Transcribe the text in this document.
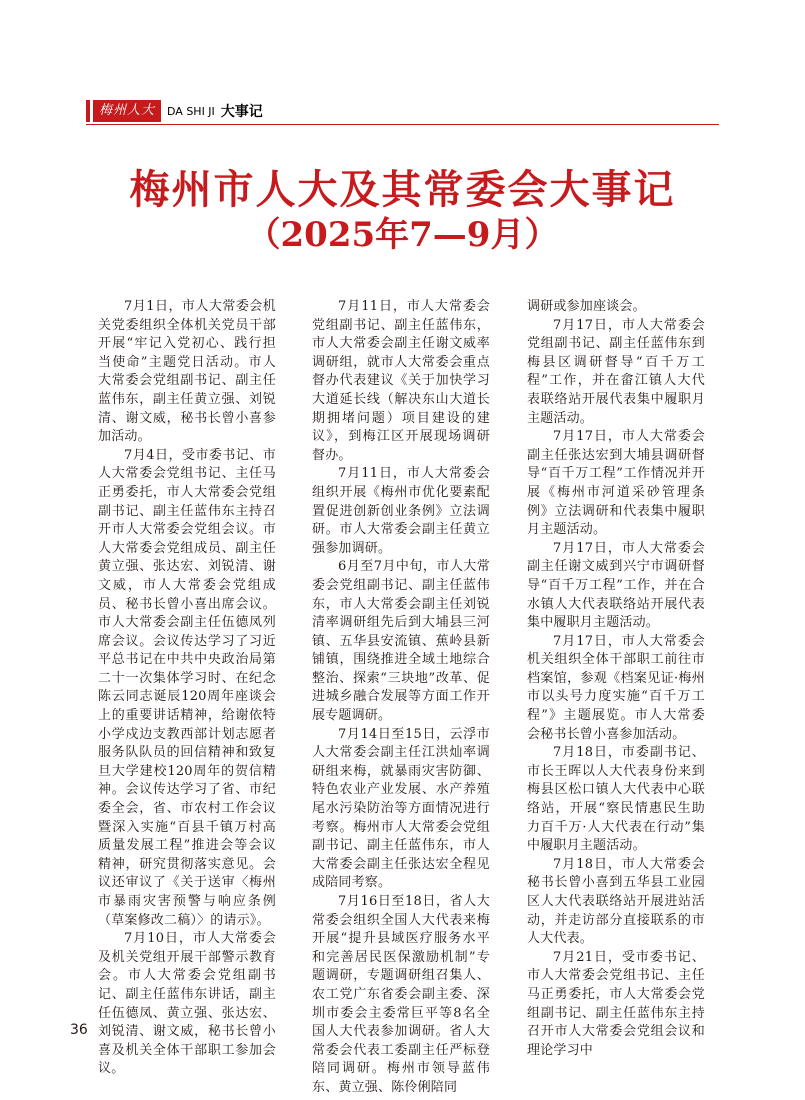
梅州人大	DA SHI JI 大事记
梅州市人大及其常委会大事记
（2025年7—9月）

7月1日，市人大常委会机关党委组织全体机关党员干部开展“牢记入党初心、践行担当使命”主题党日活动。市人大常委会党组副书记、副主任蓝伟东，副主任黄立强、刘锐清、谢文威，秘书长曾小喜参加活动。

7月4日，受市委书记、市人大常委会党组书记、主任马正勇委托，市人大常委会党组副书记、副主任蓝伟东主持召开市人大常委会党组会议。市人大常委会党组成员、副主任黄立强、张达宏、刘锐清、谢文威，市人大常委会党组成员、秘书长曾小喜出席会议。市人大常委会副主任伍德凤列席会议。会议传达学习了习近平总书记在中共中央政治局第二十一次集体学习时、在纪念陈云同志诞辰120周年座谈会上的重要讲话精神，给谢依特小学戍边支教西部计划志愿者服务队队员的回信精神和致复旦大学建校120周年的贺信精神。会议传达学习了省、市纪委全会，省、市农村工作会议暨深入实施“百县千镇万村高质量发展工程”推进会等会议精神，研究贯彻落实意见。会议还审议了《关于送审〈梅州市暴雨灾害预警与响应条例（草案修改二稿）〉的请示》。

7月10日，市人大常委会及机关党组开展干部警示教育会。市人大常委会党组副书记、副主任蓝伟东讲话，副主任伍德凤、黄立强、张达宏、刘锐清、谢文威，秘书长曾小喜及机关全体干部职工参加会议。

7月11日，市人大常委会党组副书记、副主任蓝伟东，市人大常委会副主任谢文威率调研组，就市人大常委会重点督办代表建议《关于加快学习大道延长线（解决东山大道长期拥堵问题）项目建设的建议》，到梅江区开展现场调研督办。

7月11日，市人大常委会组织开展《梅州市优化要素配置促进创新创业条例》立法调研。市人大常委会副主任黄立强参加调研。

6月至7月中旬，市人大常委会党组副书记、副主任蓝伟东，市人大常委会副主任刘锐清率调研组先后到大埔县三河镇、五华县安流镇、蕉岭县新铺镇，围绕推进全域土地综合整治、探索“三块地”改革、促进城乡融合发展等方面工作开展专题调研。

7月14日至15日，云浮市人大常委会副主任江洪灿率调研组来梅，就暴雨灾害防御、特色农业产业发展、水产养殖尾水污染防治等方面情况进行考察。梅州市人大常委会党组副书记、副主任蓝伟东，市人大常委会副主任张达宏全程见成陪同考察。

7月16日至18日，省人大常委会组织全国人大代表来梅开展“提升县域医疗服务水平和完善居民医保激励机制”专题调研，专题调研组召集人、农工党广东省委会副主委、深圳市委会主委常巨平等8名全国人大代表参加调研。省人大常委会代表工委副主任严标登陪同调研。梅州市领导蓝伟东、黄立强、陈伶俐陪同

调研或参加座谈会。

7月17日，市人大常委会党组副书记、副主任蓝伟东到梅县区调研督导“百千万工程”工作，并在畲江镇人大代表联络站开展代表集中履职月主题活动。

7月17日，市人大常委会副主任张达宏到大埔县调研督导“百千万工程”工作情况并开展《梅州市河道采砂管理条例》立法调研和代表集中履职月主题活动。

7月17日，市人大常委会副主任谢文威到兴宁市调研督导“百千万工程”工作，并在合水镇人大代表联络站开展代表集中履职月主题活动。

7月17日，市人大常委会机关组织全体干部职工前往市档案馆，参观《档案见证·梅州市以头号力度实施“百千万工程”》主题展览。市人大常委会秘书长曾小喜参加活动。

7月18日，市委副书记、市长王晖以人大代表身份来到梅县区松口镇人大代表中心联络站，开展“察民情惠民生助力百千万·人大代表在行动”集中履职月主题活动。

7月18日，市人大常委会秘书长曾小喜到五华县工业园区人大代表联络站开展进站活动，并走访部分直接联系的市人大代表。

7月21日，受市委书记、市人大常委会党组书记、主任马正勇委托，市人大常委会党组副书记、副主任蓝伟东主持召开市人大常委会党组会议和理论学习中

36
